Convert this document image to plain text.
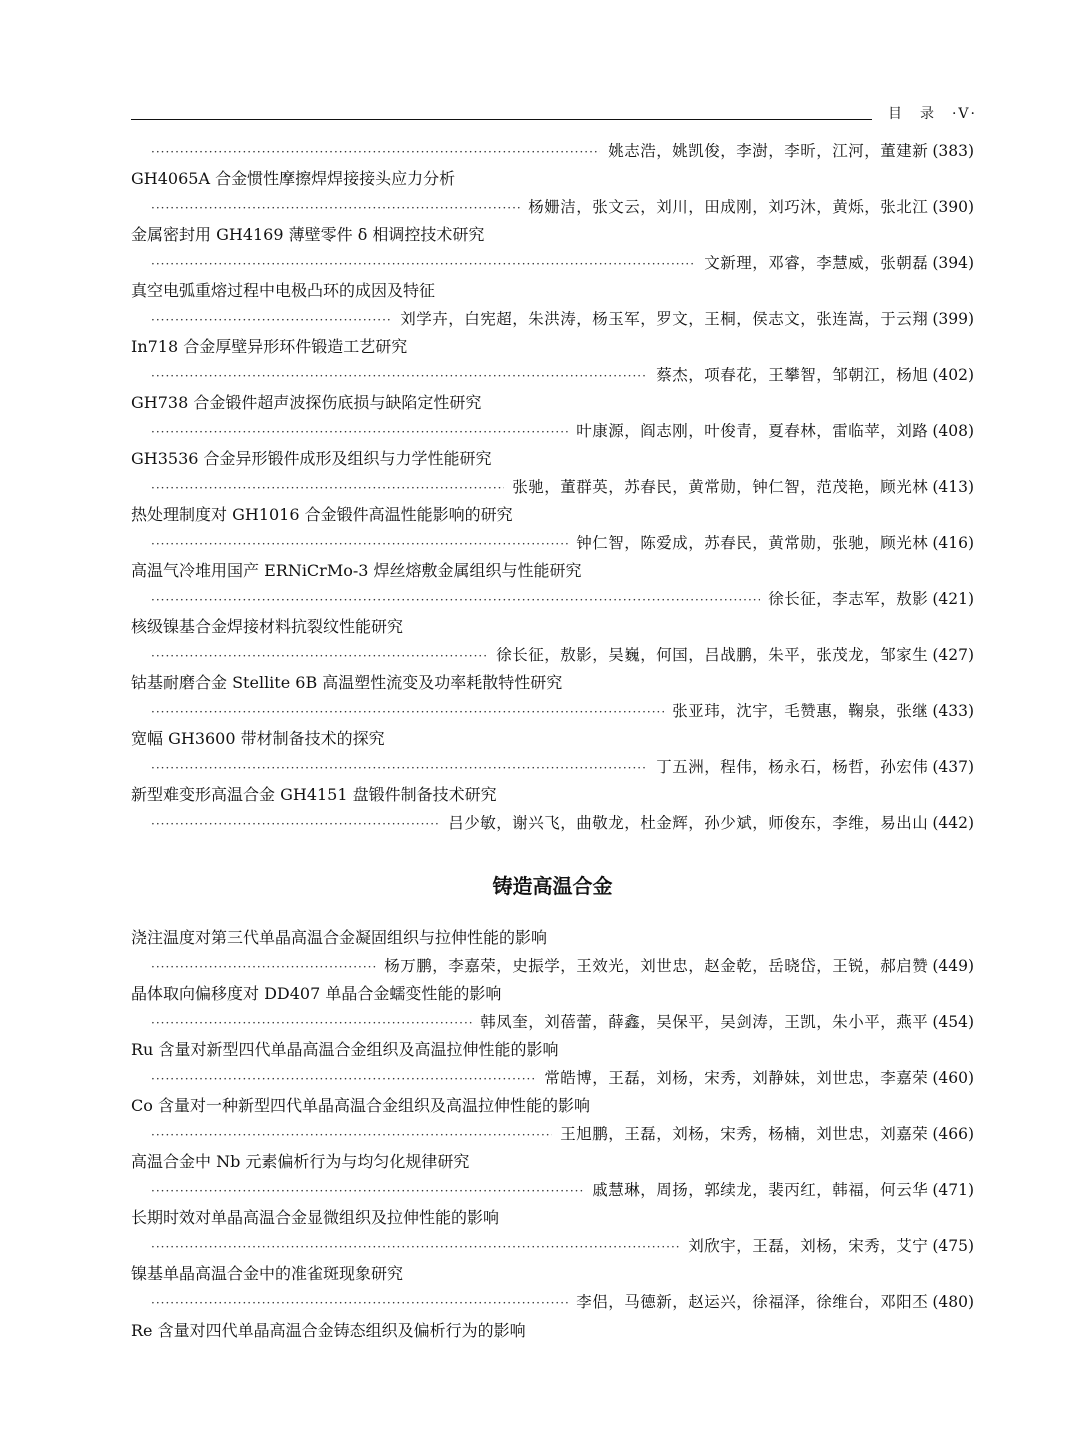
目　录　·V·
·····
姚志浩，姚凯俊，李澍，李昕，江河，董建新 (383)
GH4065A 合金惯性摩擦焊焊接接头应力分析
·····
杨姗洁，张文云，刘川，田成刚，刘巧沐，黄烁，张北江 (390)
金属密封用 GH4169 薄壁零件 δ 相调控技术研究
·····
文新理，邓睿，李慧威，张朝磊 (394)
真空电弧重熔过程中电极凸环的成因及特征
·····
刘学卉，白宪超，朱洪涛，杨玉军，罗文，王桐，侯志文，张连嵩，于云翔 (399)
In718 合金厚壁异形环件锻造工艺研究
·····
蔡杰，项春花，王攀智，邹朝江，杨旭 (402)
GH738 合金锻件超声波探伤底损与缺陷定性研究
·····
叶康源，阎志刚，叶俊青，夏春林，雷临苹，刘路 (408)
GH3536 合金异形锻件成形及组织与力学性能研究
·····
张驰，董群英，苏春民，黄常勋，钟仁智，范茂艳，顾光林 (413)
热处理制度对 GH1016 合金锻件高温性能影响的研究
·····
钟仁智，陈爱成，苏春民，黄常勋，张驰，顾光林 (416)
高温气冷堆用国产 ERNiCrMo-3 焊丝熔敷金属组织与性能研究
·····
徐长征，李志军，敖影 (421)
核级镍基合金焊接材料抗裂纹性能研究
·····
徐长征，敖影，吴巍，何国，吕战鹏，朱平，张茂龙，邹家生 (427)
钴基耐磨合金 Stellite 6B 高温塑性流变及功率耗散特性研究
·····
张亚玮，沈宇，毛赞惠，鞠泉，张继 (433)
宽幅 GH3600 带材制备技术的探究
·····
丁五洲，程伟，杨永石，杨哲，孙宏伟 (437)
新型难变形高温合金 GH4151 盘锻件制备技术研究
·····
吕少敏，谢兴飞，曲敬龙，杜金辉，孙少斌，师俊东，李维，易出山 (442)
铸造高温合金
浇注温度对第三代单晶高温合金凝固组织与拉伸性能的影响
·····
杨万鹏，李嘉荣，史振学，王效光，刘世忠，赵金乾，岳晓岱，王锐，郝启赞 (449)
晶体取向偏移度对 DD407 单晶合金蠕变性能的影响
·····
韩凤奎，刘蓓蕾，薛鑫，吴保平，吴剑涛，王凯，朱小平，燕平 (454)
Ru 含量对新型四代单晶高温合金组织及高温拉伸性能的影响
·····
常皓博，王磊，刘杨，宋秀，刘静妹，刘世忠，李嘉荣 (460)
Co 含量对一种新型四代单晶高温合金组织及高温拉伸性能的影响
·····
王旭鹏，王磊，刘杨，宋秀，杨楠，刘世忠，刘嘉荣 (466)
高温合金中 Nb 元素偏析行为与均匀化规律研究
·····
戚慧琳，周扬，郭续龙，裴丙红，韩福，何云华 (471)
长期时效对单晶高温合金显微组织及拉伸性能的影响
·····
刘欣宇，王磊，刘杨，宋秀，艾宁 (475)
镍基单晶高温合金中的准雀斑现象研究
·····
李侣，马德新，赵运兴，徐福泽，徐维台，邓阳丕 (480)
Re 含量对四代单晶高温合金铸态组织及偏析行为的影响
